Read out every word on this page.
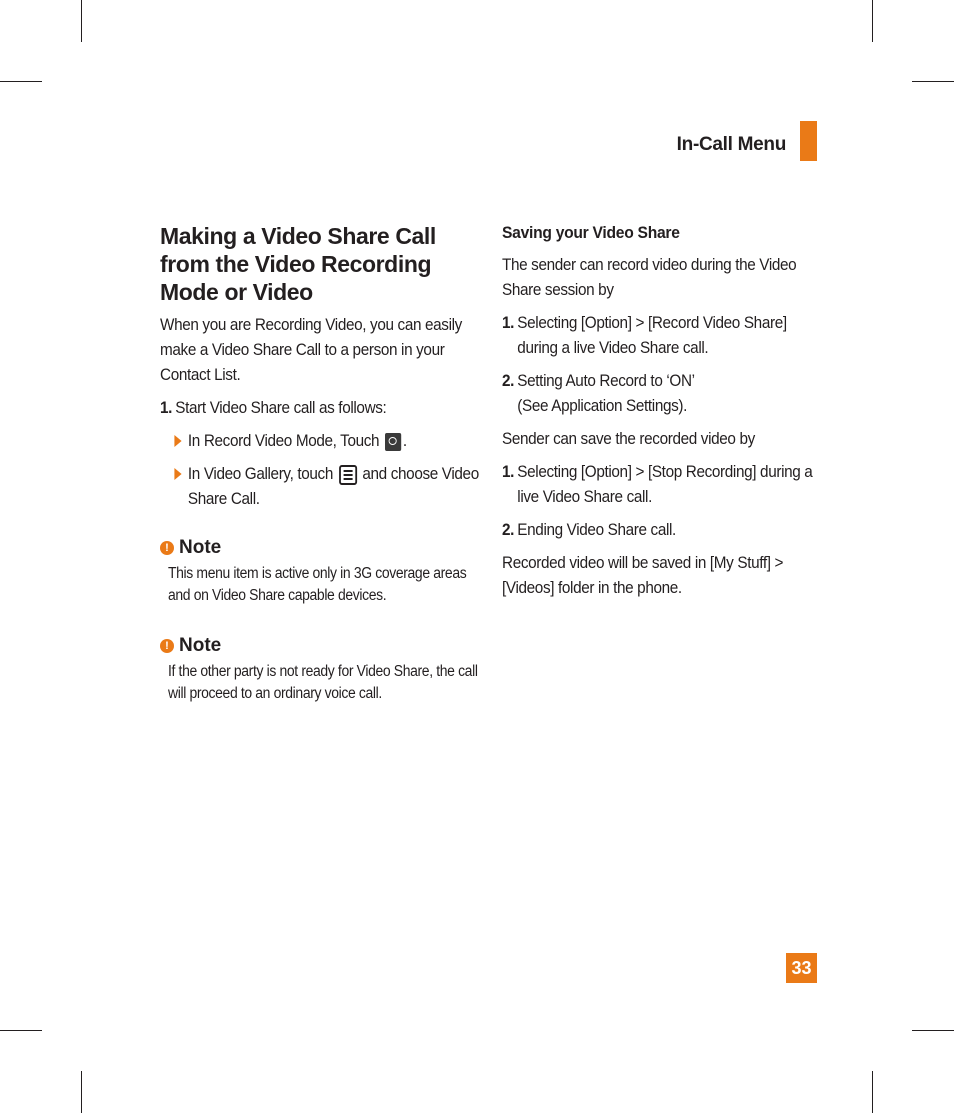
In-Call Menu
Making a Video Share Call from the Video Recording Mode or Video

When you are Recording Video, you can easily make a Video Share Call to a person in your Contact List.

1. Start Video Share call as follows:
In Record Video Mode, Touch .
In Video Gallery, touch and choose Video Share Call.
! Note
This menu item is active only in 3G coverage areas and on Video Share capable devices.
! Note
If the other party is not ready for Video Share, the call will proceed to an ordinary voice call.
Saving your Video Share

The sender can record video during the Video Share session by

1. Selecting [Option] > [Record Video Share] during a live Video Share call.
2. Setting Auto Record to ‘ON’ (See Application Settings).

Sender can save the recorded video by

1. Selecting [Option] > [Stop Recording] during a live Video Share call.
2. Ending Video Share call.

Recorded video will be saved in [My Stuff] > [Videos] folder in the phone.

33
